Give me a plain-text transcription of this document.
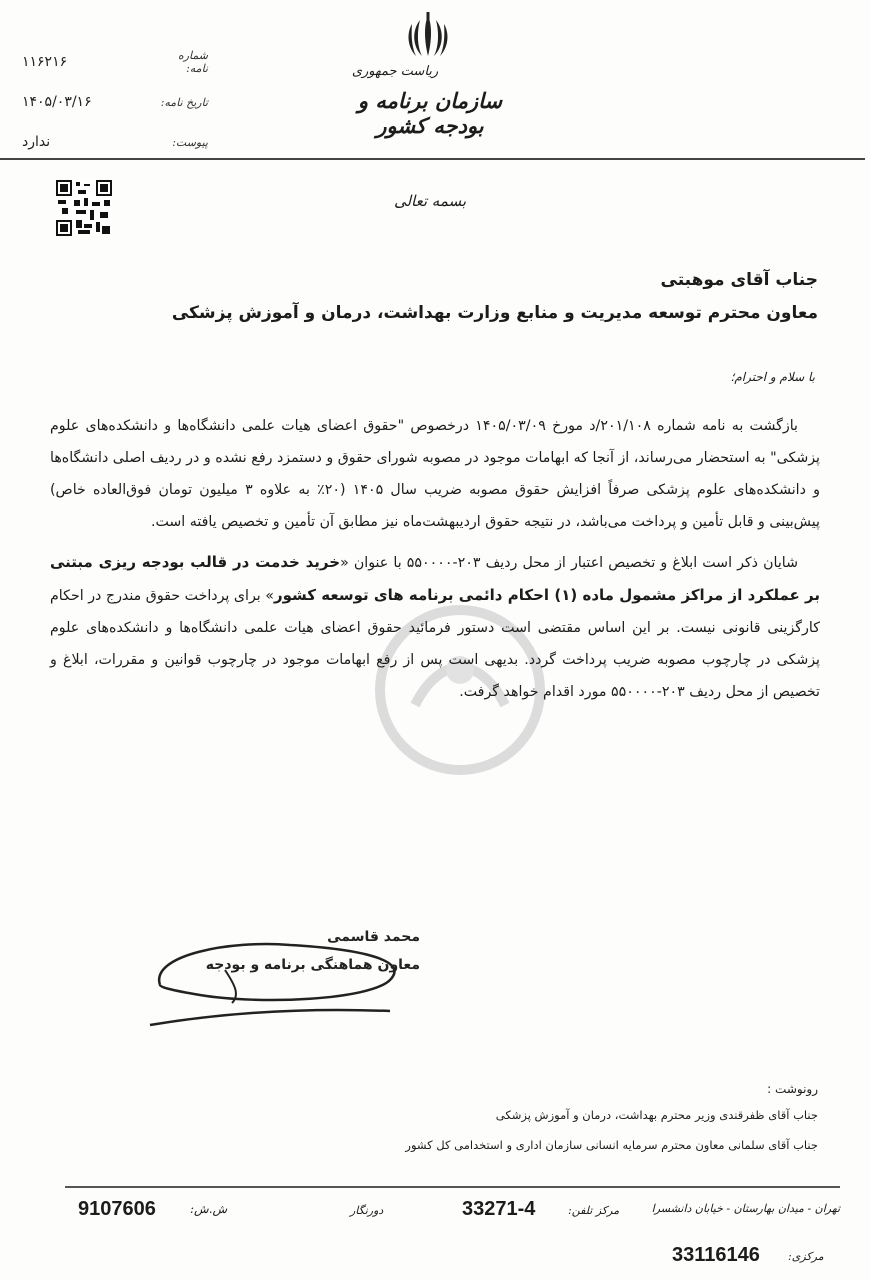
شماره نامه:
۱۱۶۲۱۶
تاریخ نامه:
۱۴۰۵/۰۳/۱۶
پیوست:
ندارد
ریاست جمهوری
سازمان برنامه و بودجه کشور
بسمه تعالی
جناب آقای موهبتی
معاون محترم توسعه مدیریت و منابع وزارت بهداشت، درمان و آموزش پزشکی
با سلام و احترام؛

بازگشت به نامه شماره ۲۰۱/۱۰۸/د مورخ ۱۴۰۵/۰۳/۰۹ درخصوص "حقوق اعضای هیات علمی دانشگاه‌ها و دانشکده‌های علوم پزشکی" به استحضار می‌رساند، از آنجا که ابهامات موجود در مصوبه شورای حقوق و دستمزد رفع نشده و در ردیف اصلی دانشگاه‌ها و دانشکده‌های علوم پزشکی صرفاً افزایش حقوق مصوبه ضریب سال ۱۴۰۵ (۲۰٪ به علاوه ۳ میلیون تومان فوق‌العاده خاص) پیش‌بینی و قابل تأمین و پرداخت می‌باشد، در نتیجه حقوق اردیبهشت‌ماه نیز مطابق آن تأمین و تخصیص یافته است.

شایان ذکر است ابلاغ و تخصیص اعتبار از محل ردیف ۲۰۳-۵۵۰۰۰۰ با عنوان «خرید خدمت در قالب بودجه ریزی مبتنی بر عملکرد از مراکز مشمول ماده (۱) احکام دائمی برنامه های توسعه کشور» برای پرداخت حقوق مندرج در احکام کارگزینی قانونی نیست. بر این اساس مقتضی است دستور فرمائید حقوق اعضای هیات علمی دانشگاه‌ها و دانشکده‌های علوم پزشکی در چارچوب مصوبه ضریب پرداخت گردد. بدیهی است پس از رفع ابهامات موجود در چارچوب قوانین و مقررات، ابلاغ و تخصیص از محل ردیف ۲۰۳-۵۵۰۰۰۰ مورد اقدام خواهد گرفت.

محمد قاسمی
معاون هماهنگی برنامه و بودجه
رونوشت :
جناب آقای ظفرقندی وزیر محترم بهداشت، درمان و آموزش پزشکی
جناب آقای سلمانی معاون محترم سرمایه انسانی سازمان اداری و استخدامی کل کشور
تهران - میدان بهارستان - خیابان دانشسرا
مرکز تلفن:
33271-4
دورنگار
ش.ش:
9107606
مرکزی:
33116146
